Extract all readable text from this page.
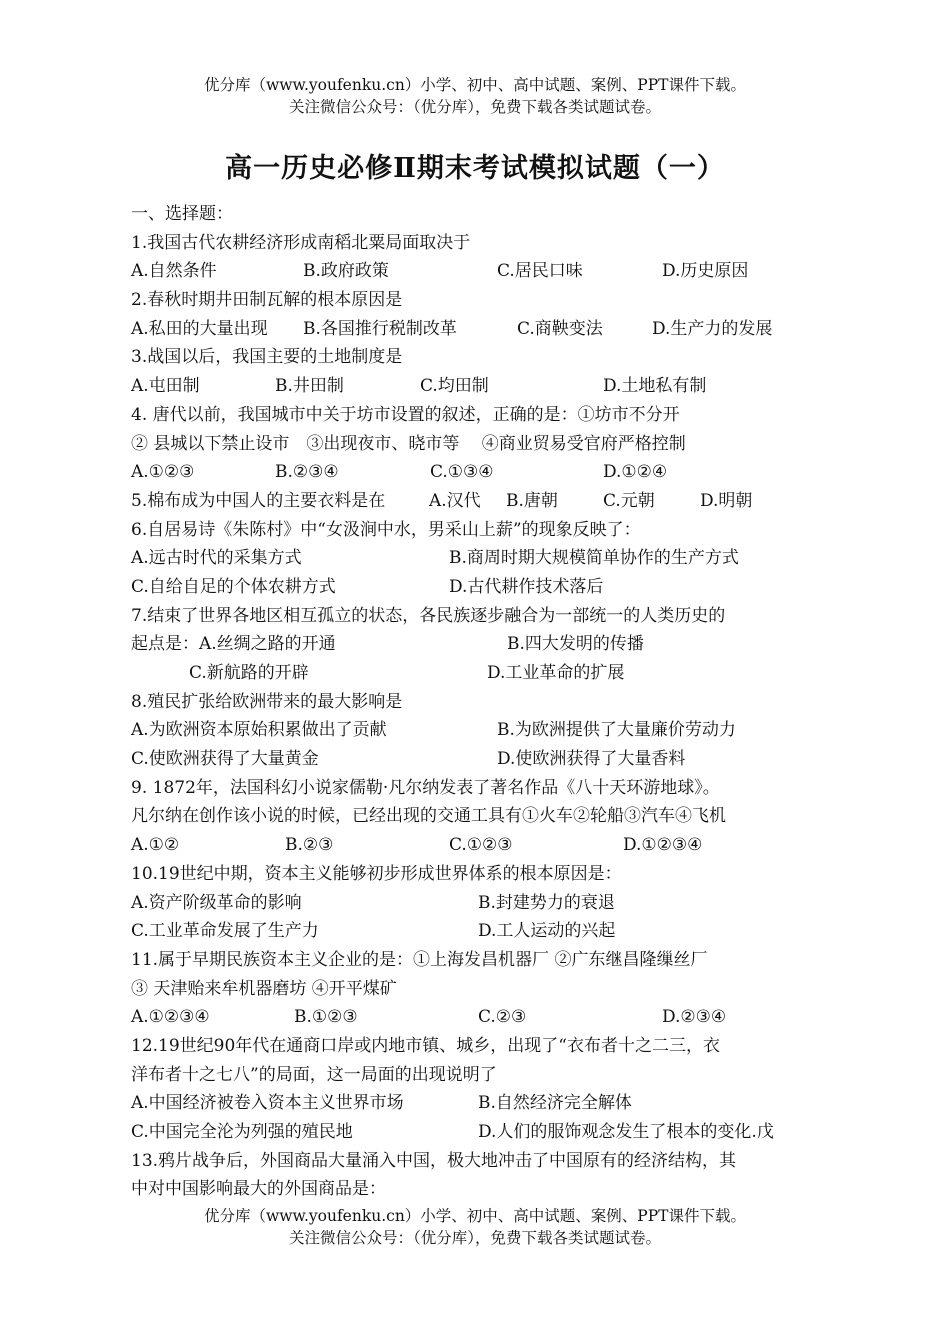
优分库（www.youfenku.cn）小学、初中、高中试题、案例、PPT课件下载。
关注微信公众号：（优分库），免费下载各类试题试卷。
高一历史必修Ⅱ期末考试模拟试题（一）
一、选择题：
1.我国古代农耕经济形成南稻北粟局面取决于
A.自然条件	B.政府政策	C.居民口味	D.历史原因
2.春秋时期井田制瓦解的根本原因是
A.私田的大量出现 B.各国推行税制改革	C.商鞅变法	D.生产力的发展
3.战国以后，我国主要的土地制度是
A.屯田制	B.井田制	C.均田制	D.土地私有制
4. 唐代以前，我国城市中关于坊市设置的叙述，正确的是：①坊市不分开
② 县城以下禁止设市　③出现夜市、晓市等　 ④商业贸易受官府严格控制
A.①②③	B.②③④	C.①③④	D.①②④
5.棉布成为中国人的主要衣料是在	A.汉代 B.唐朝	C.元朝	D.明朝
6.自居易诗《朱陈村》中“女汲涧中水，男采山上薪”的现象反映了：
A.远古时代的采集方式	B.商周时期大规模简单协作的生产方式
C.自给自足的个体农耕方式	D.古代耕作技术落后
7.结束了世界各地区相互孤立的状态，各民族逐步融合为一部统一的人类历史的
起点是： A.丝绸之路的开通	B.四大发明的传播
C.新航路的开辟	D.工业革命的扩展
8.殖民扩张给欧洲带来的最大影响是
A.为欧洲资本原始积累做出了贡献	B.为欧洲提供了大量廉价劳动力
C.使欧洲获得了大量黄金	D.使欧洲获得了大量香料
9. 1872年，法国科幻小说家儒勒·凡尔纳发表了著名作品《八十天环游地球》。
凡尔纳在创作该小说的时候，已经出现的交通工具有①火车②轮船③汽车④飞机
A.①②	B.②③	C.①②③	D.①②③④
10.19世纪中期，资本主义能够初步形成世界体系的根本原因是：
A.资产阶级革命的影响	B.封建势力的衰退
C.工业革命发展了生产力	D.工人运动的兴起
11.属于早期民族资本主义企业的是：①上海发昌机器厂 ②广东继昌隆缫丝厂
③ 天津贻来牟机器磨坊 ④开平煤矿
A.①②③④	B.①②③	C.②③	D.②③④
12.19世纪90年代在通商口岸或内地市镇、城乡，出现了“衣布者十之二三，衣
洋布者十之七八”的局面，这一局面的出现说明了
A.中国经济被卷入资本主义世界市场	B.自然经济完全解体
C.中国完全沦为列强的殖民地	D.人们的服饰观念发生了根本的变化.戊
13.鸦片战争后，外国商品大量涌入中国，极大地冲击了中国原有的经济结构，其
中对中国影响最大的外国商品是：
优分库（www.youfenku.cn）小学、初中、高中试题、案例、PPT课件下载。
关注微信公众号：（优分库），免费下载各类试题试卷。
